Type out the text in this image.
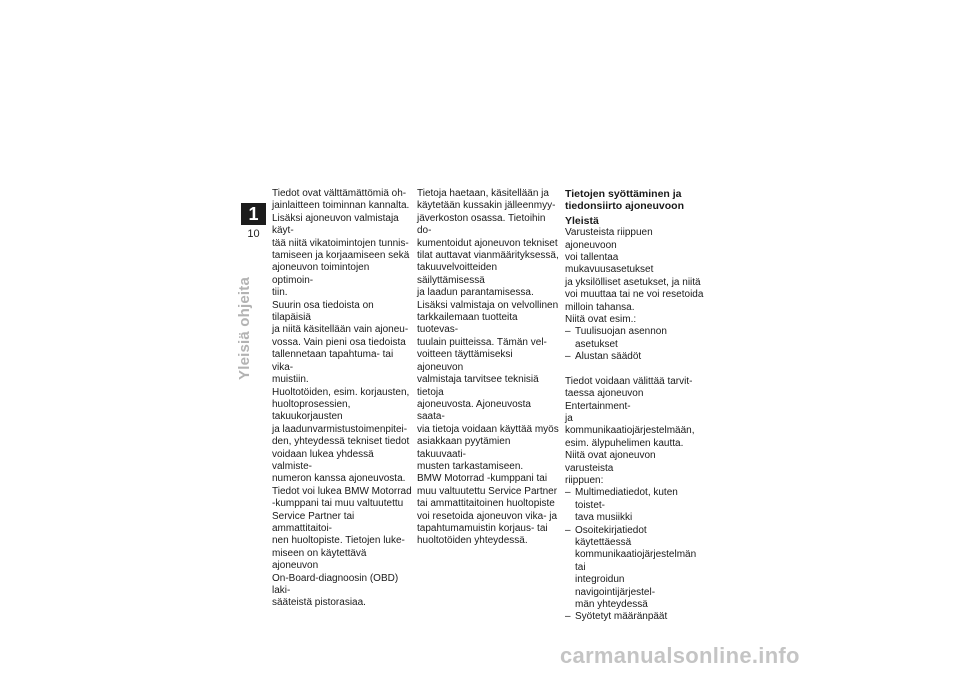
1
10
Yleisiä ohjeita
Tiedot ovat välttämättömiä oh-
jainlaitteen toiminnan kannalta.
Lisäksi ajoneuvon valmistaja käyt-
tää niitä vikatoimintojen tunnis-
tamiseen ja korjaamiseen sekä
ajoneuvon toimintojen optimoin-
tiin.
Suurin osa tiedoista on tilapäisiä
ja niitä käsitellään vain ajoneu-
vossa. Vain pieni osa tiedoista
tallennetaan tapahtuma- tai vika-
muistiin.
Huoltotöiden, esim. korjausten,
huoltoprosessien, takuukorjausten
ja laadunvarmistustoimenpitei-
den, yhteydessä tekniset tiedot
voidaan lukea yhdessä valmiste-
numeron kanssa ajoneuvosta.
Tiedot voi lukea BMW Motorrad
-kumppani tai muu valtuutettu
Service Partner tai ammattitaitoi-
nen huoltopiste. Tietojen luke-
miseen on käytettävä ajoneuvon
On-Board-diagnoosin (OBD) laki-
sääteistä pistorasiaa.
Tietoja haetaan, käsitellään ja
käytetään kussakin jälleenmyy-
jäverkoston osassa. Tietoihin do-
kumentoidut ajoneuvon tekniset
tilat auttavat vianmäärityksessä,
takuuvelvoitteiden säilyttämisessä
ja laadun parantamisessa.
Lisäksi valmistaja on velvollinen
tarkkailemaan tuotteita tuotevas-
tuulain puitteissa. Tämän vel-
voitteen täyttämiseksi ajoneuvon
valmistaja tarvitsee teknisiä tietoja
ajoneuvosta. Ajoneuvosta saata-
via tietoja voidaan käyttää myös
asiakkaan pyytämien takuuvaati-
musten tarkastamiseen.
BMW Motorrad -kumppani tai
muu valtuutettu Service Partner
tai ammattitaitoinen huoltopiste
voi resetoida ajoneuvon vika- ja
tapahtumamuistin korjaus- tai
huoltotöiden yhteydessä.
Tietojen syöttäminen ja
tiedonsiirto ajoneuvoon
Yleistä
Varusteista riippuen ajoneuvoon
voi tallentaa mukavuusasetukset
ja yksilölliset asetukset, ja niitä
voi muuttaa tai ne voi resetoida
milloin tahansa.
Niitä ovat esim.:
– Tuulisuojan asennon asetukset
– Alustan säädöt
Tiedot voidaan välittää tarvit-
taessa ajoneuvon Entertainment-
ja kommunikaatiojärjestelmään,
esim. älypuhelimen kautta.
Niitä ovat ajoneuvon varusteista
riippuen:
– Multimediatiedot, kuten toistet-
tava musiikki
– Osoitekirjatiedot käytettäessä
kommunikaatiojärjestelmän tai
integroidun navigointijärjestel-
män yhteydessä
– Syötetyt määränpäät
carmanualsonline.info
